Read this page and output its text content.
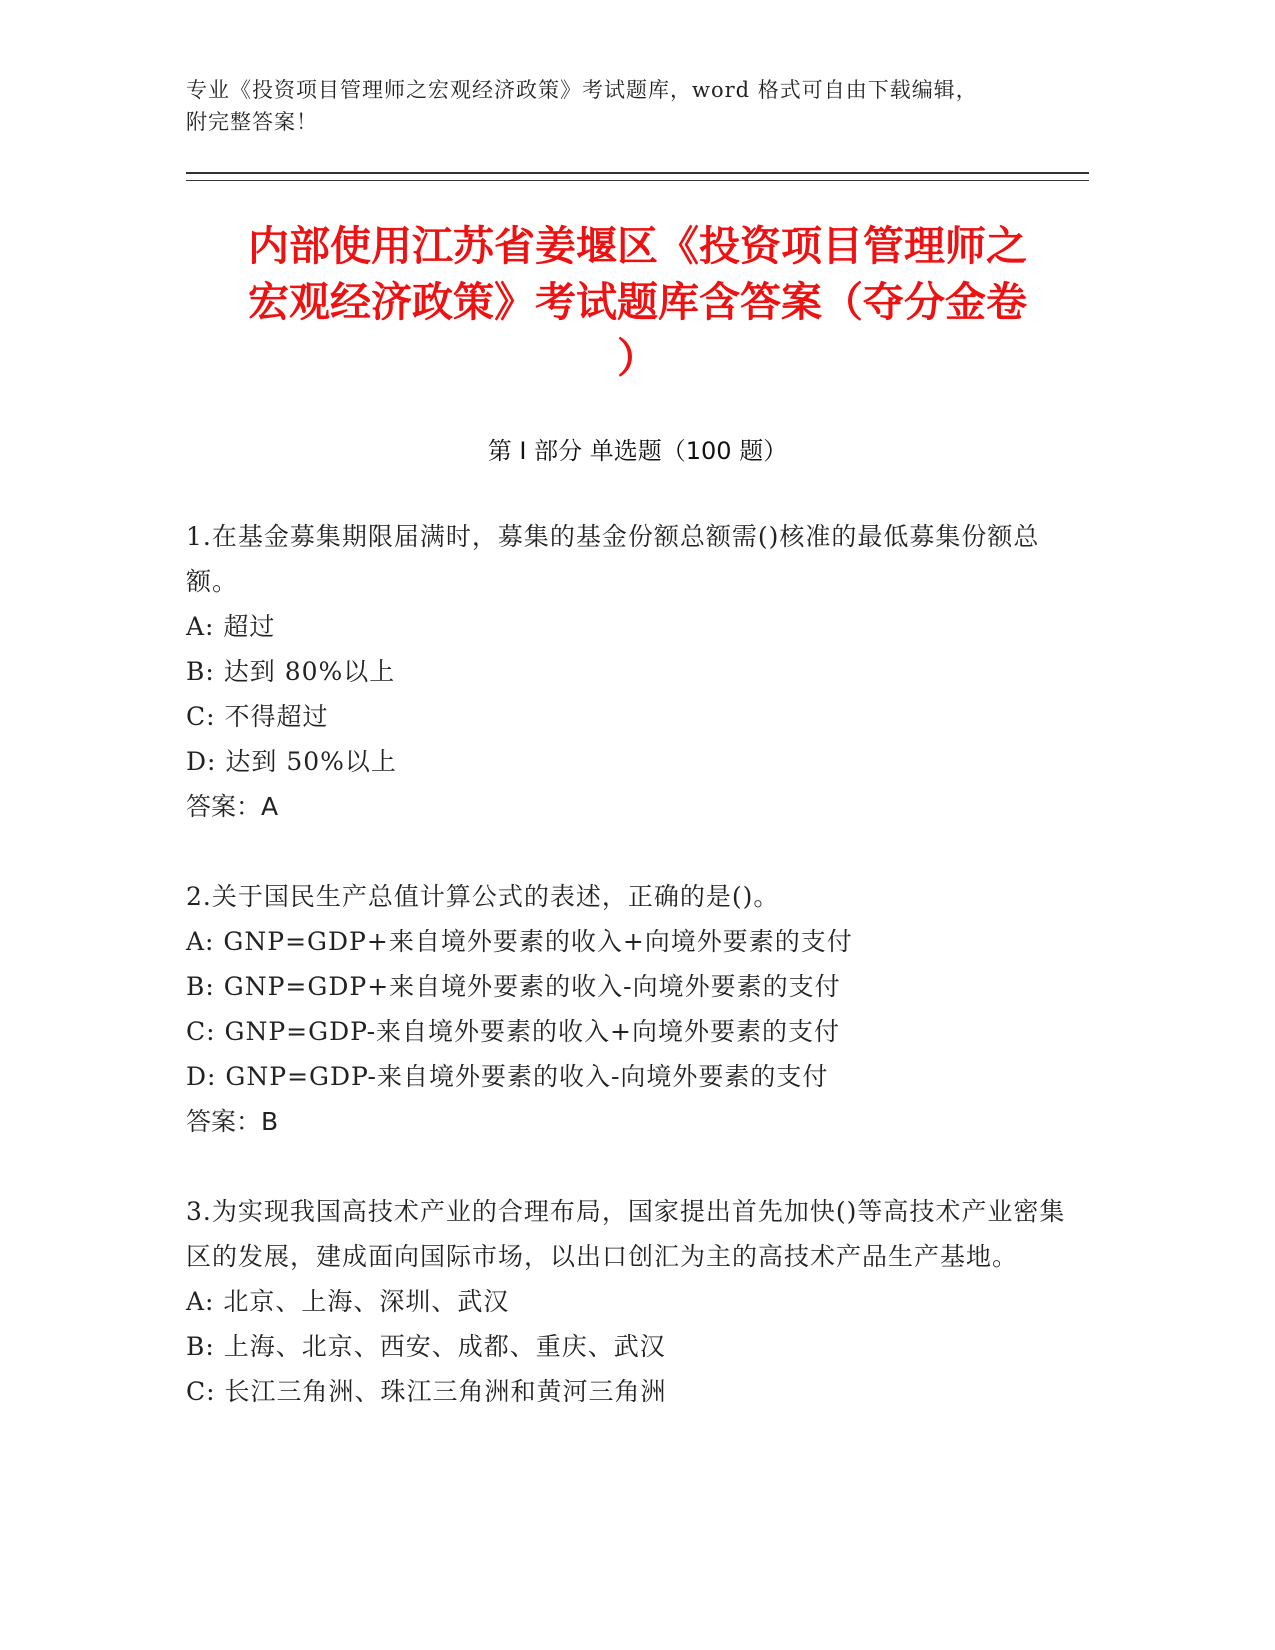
专业《投资项目管理师之宏观经济政策》考试题库，word 格式可自由下载编辑，
附完整答案！
内部使用江苏省姜堰区《投资项目管理师之
宏观经济政策》考试题库含答案（夺分金卷
）
第 I 部分 单选题（100 题）

1.在基金募集期限届满时，募集的基金份额总额需()核准的最低募集份额总额。

A: 超过

B: 达到 80%以上

C: 不得超过

D: 达到 50%以上

答案：A

2.关于国民生产总值计算公式的表述，正确的是()。

A: GNP=GDP+来自境外要素的收入+向境外要素的支付

B: GNP=GDP+来自境外要素的收入-向境外要素的支付

C: GNP=GDP-来自境外要素的收入+向境外要素的支付

D: GNP=GDP-来自境外要素的收入-向境外要素的支付

答案：B

3.为实现我国高技术产业的合理布局，国家提出首先加快()等高技术产业密集区的发展，建成面向国际市场，以出口创汇为主的高技术产品生产基地。

A: 北京、上海、深圳、武汉

B: 上海、北京、西安、成都、重庆、武汉

C: 长江三角洲、珠江三角洲和黄河三角洲
